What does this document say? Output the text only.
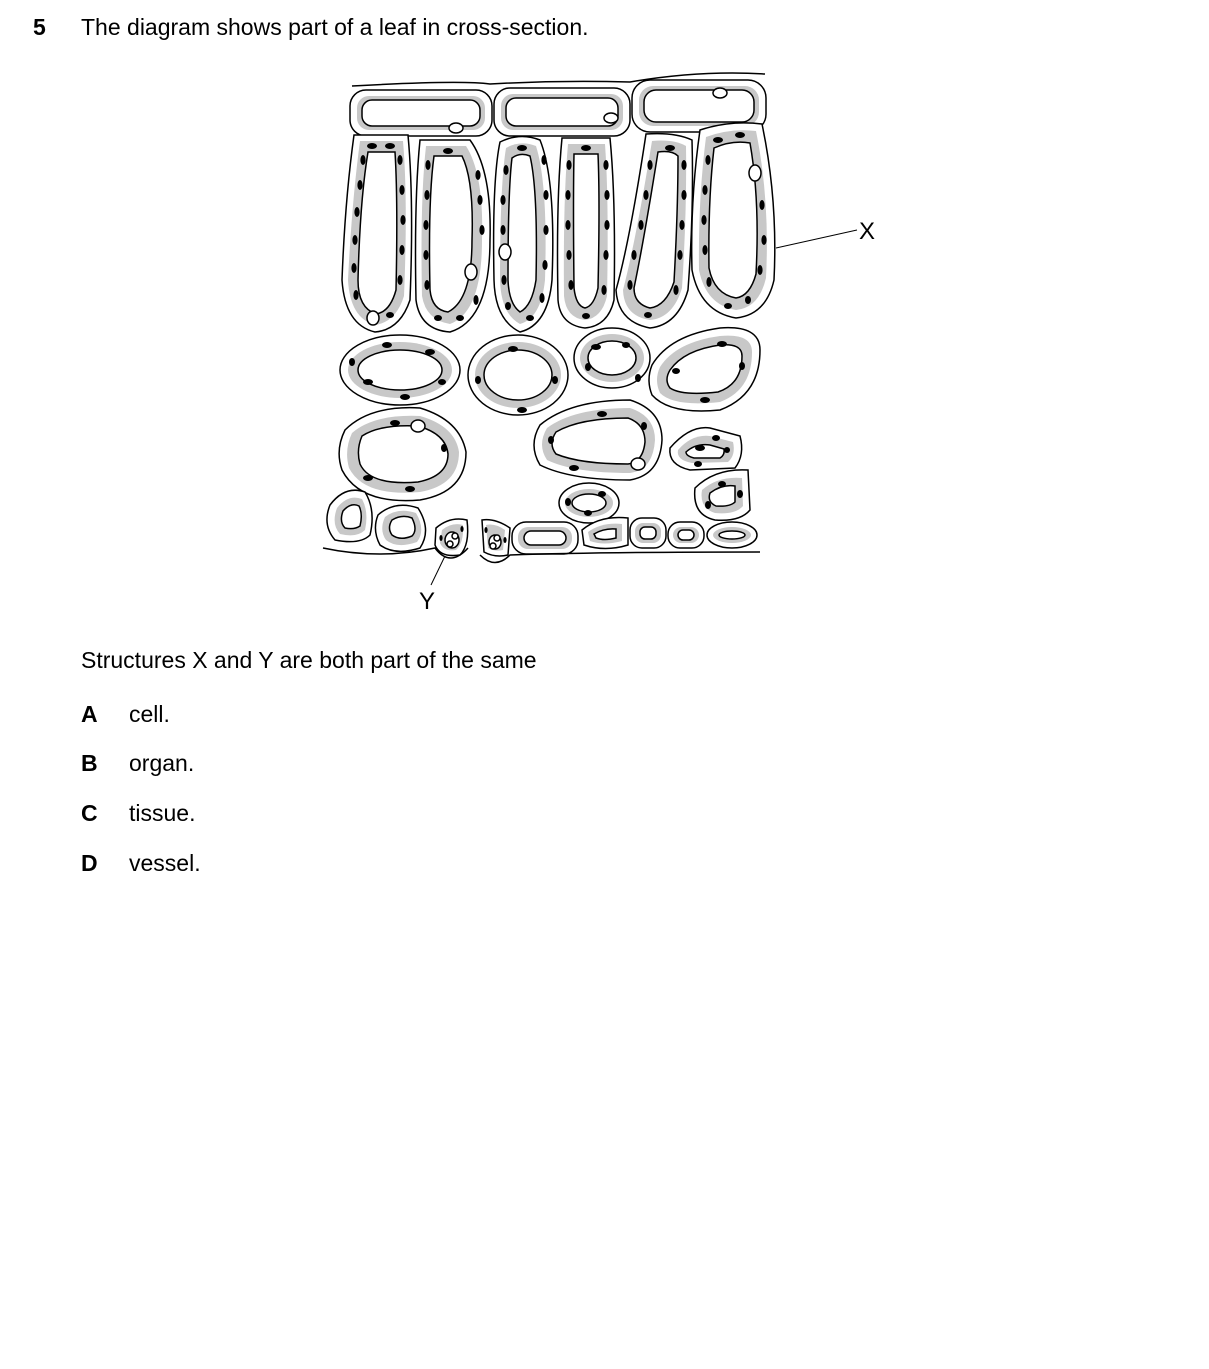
5 The diagram shows part of a leaf in cross-section.
X
Y
Structures X and Y are both part of the same
A cell.
B organ.
C tissue.
D vessel.
